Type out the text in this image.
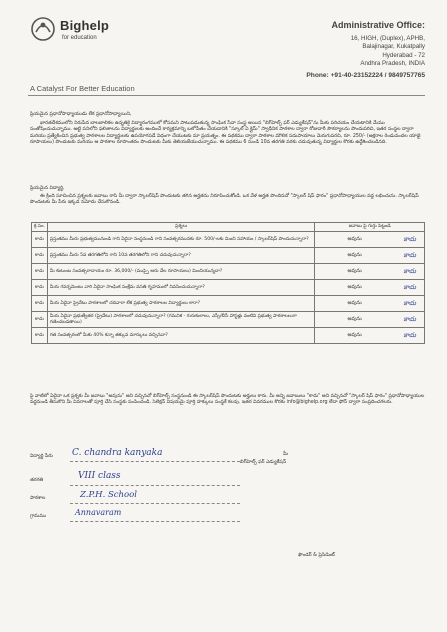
Bighelp
for education
A Catalyst For Better Education
Administrative Office:
16, HIGH, (Duplex), APHB,
Balajinagar, Kukatpally
Hyderabad - 72
Andhra Pradesh, INDIA
Phone: +91-40-23152224 / 9849757765
ప్రియమైన ప్రధానోపాధ్యాయుడు లేక ప్రధానోపాధ్యాయిని,
భారతదేశములోని నిరుపేద బాలబాలికల ఉన్నతికై విద్యారంగములో కోసమని పాటుపడుతున్న సాంఘిక సేవా సంస్థ అయిన "బిగ్‌హెల్ప్ ఫర్ ఎడ్యుకేషన్"ను మీకు పరిచయం చేయటానికి మేము సంతోషించుచున్నాము. అట్టి పనిలోని ఫలితాలను విద్యార్థులకు అందించే కార్యక్రమాన్ని బలోపేతం చేయడానికి "స్కూల్ ఏ క్లైమ్" స్వాధీనిక పాఠశాల ద్వారా రోజువారీ సౌకర్యాలను పొందుపరిచి, ఇతర సంస్థల ద్వారా మరియు ప్రత్యేకించిన ప్రభుత్వ పాఠశాలల విద్యార్థులకు ఉపయోగపడే విధంగా చేయుటకు మా ప్రయత్నం. ఈ పథకము ద్వారా పాఠశాల మౌలిక సదుపాయాలు మెరుగుపరచి, రూ. 250/- (అక్షరాల రెండువందల యాభై రూపాయలు) పొందుటకు మరియు ఆ పాఠశాల రూపాంతరం పొందుటకు మీకు తెలియజేయుచున్నాము. ఈ పథకము 6 నుండి 10వ తరగతి వరకు చదువుతున్న విద్యార్థుల కొరకు ఉద్దేశించబడినది.
ప్రియమైన విద్యార్థి,
ఈ క్రింది సూచించిన ప్రశ్నలకు జవాబు రాసి మీ ద్వారా స్కాలర్‌షిప్ పొందుటకు తగిన అర్హతను నిరూపించుకోండి. ఒక వేళ అర్హత పొందినచో "స్కాలర్ షిప్ ఫారం" ప్రధానోపాధ్యాయుల వద్ద లభించును. స్కాలర్‌షిప్ పొందుటకు మీ పేరు ఇక్కడ నమోదు చేసుకొనండి.
క్ర.సం.	ప్రశ్నలు	జవాబు పై గుర్తు పెట్టండి
కాదు	ప్రస్తుతము మీరు ప్రభుత్వమునుండి గాని ఏదైనా సంస్థనుండి గాని సంవత్సరమునకు రూ. 500/-లకు మించి సహాయం / స్కాలర్‌షిప్ పొందుచున్నారా?	అవును కాదు

కాదు	ప్రస్తుతము మీరు 5వ తరగతిలోని గాని 10వ తరగతిలోని గాని చదువుచున్నారా?	అవును కాదు

కాదు	మీ కుటుంబ సంవత్సరాదాయం రూ. 36,000/- (ముప్పై ఆరు వేల రూపాయలు) మించియున్నదా?	అవును కాదు

కాదు	మీరు గవర్నమెంటు వారి ఏదైనా సాంఘిక సంక్షేమ వసతి గృహములో నివసించుచున్నారా?	అవును కాదు

కాదు	మీరు ఏదైనా ప్రైవేటు పాఠశాలలో చదివారా లేక ప్రభుత్వ పాఠశాలల విద్యార్థులు కారా?	అవును కాదు

కాదు	మీరు ఏదైనా ప్రభుత్వేతర (ప్రైవేటు) పాఠశాలలో చదువుచున్నారా? (గమనిక - గురుకులాలు, ఎస్సీ/బీసీ హాస్టళ్లు వంటివి ప్రభుత్వ పాఠశాలలుగా గణించబడతాయి)	అవును కాదు

కాదు	గత సంవత్సరంలో మీకు 40% కన్నా తక్కువ మార్కులు వచ్చినవా?	అవును కాదు
పై వాటిలో ఏదైనా ఒక ప్రశ్నకు మీ జవాబు "అవును" అని వచ్చినచో బిగ్‌హెల్ప్ సంస్థనుండి ఈ స్కాలర్‌షిప్ పొందుటకు అర్హులు కారు. మీ అన్ని జవాబులు "కాదు" అని వచ్చినచో "స్కాలర్ షిప్ ఫారం" ప్రధానోపాధ్యాయుల వద్దనుండి తీసుకొని మీ వివరాలతో పూర్తి చేసి సంస్థకు పంపించండి. సెలెక్షన్ విషయమై పూర్తి హక్కులు సంస్థకే కలవు. ఇతర వివరముల కొరకు info@bighelp.org లేదా ఫోన్ ద్వారా సంప్రదించగలరు.
విద్యార్థి పేరు C. chandra kanyaka
తరగతి	VIII class
పాఠశాల	Z.P.H. School
గ్రామము	Annavaram
మీ
బిగ్‌హెల్ప్ ఫర్ ఎడ్యుకేషన్
ఫౌండర్ & ప్రెసిడెంట్
